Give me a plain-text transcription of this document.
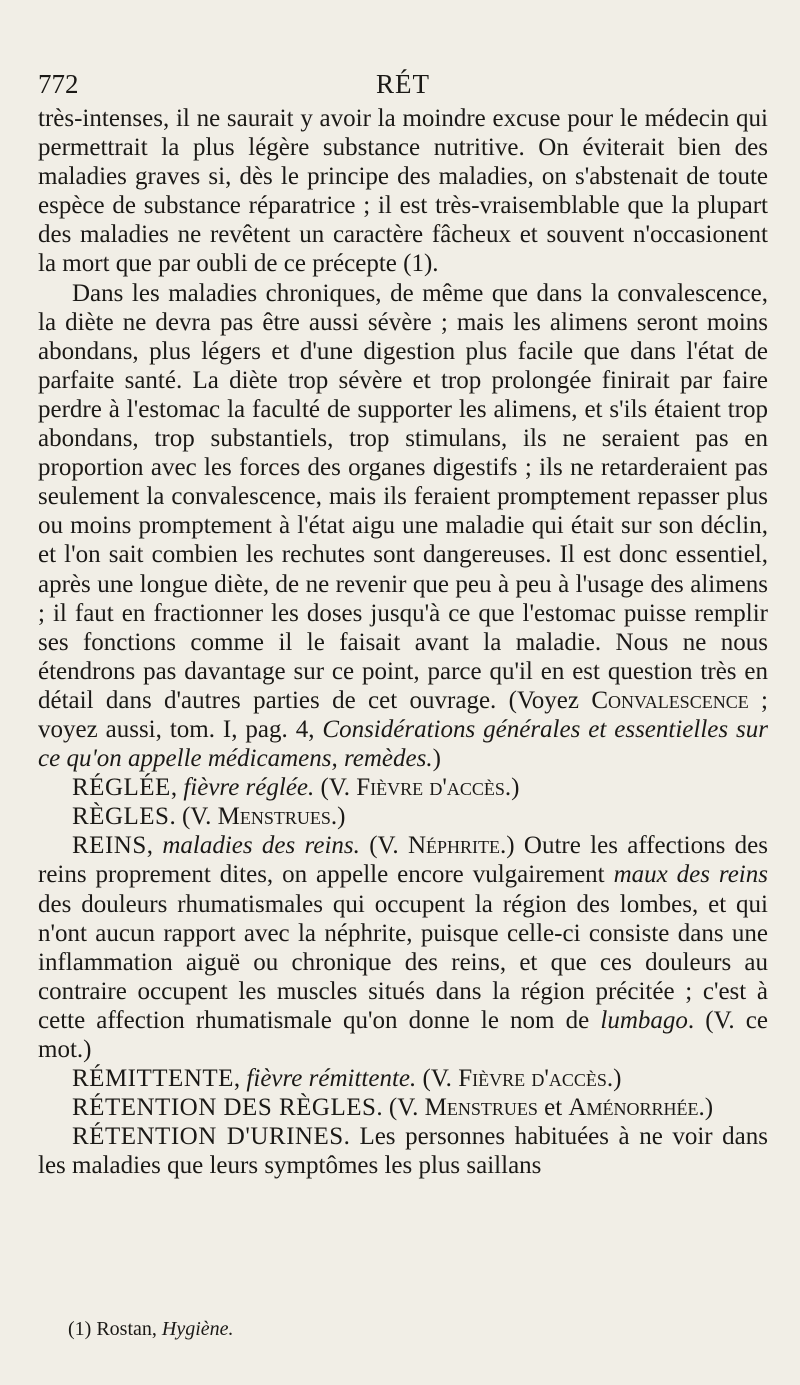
772	RÉT

très-intenses, il ne saurait y avoir la moindre excuse pour le médecin qui permettrait la plus légère substance nutritive. On éviterait bien des maladies graves si, dès le principe des maladies, on s'abstenait de toute espèce de substance réparatrice ; il est très-vraisemblable que la plupart des maladies ne revêtent un caractère fâcheux et souvent n'occasionent la mort que par oubli de ce précepte (1).

Dans les maladies chroniques, de même que dans la convalescence, la diète ne devra pas être aussi sévère ; mais les alimens seront moins abondans, plus légers et d'une digestion plus facile que dans l'état de parfaite santé. La diète trop sévère et trop prolongée finirait par faire perdre à l'estomac la faculté de supporter les alimens, et s'ils étaient trop abondans, trop substantiels, trop stimulans, ils ne seraient pas en proportion avec les forces des organes digestifs ; ils ne retarderaient pas seulement la convalescence, mais ils feraient promptement repasser plus ou moins promptement à l'état aigu une maladie qui était sur son déclin, et l'on sait combien les rechutes sont dangereuses. Il est donc essentiel, après une longue diète, de ne revenir que peu à peu à l'usage des alimens ; il faut en fractionner les doses jusqu'à ce que l'estomac puisse remplir ses fonctions comme il le faisait avant la maladie. Nous ne nous étendrons pas davantage sur ce point, parce qu'il en est question très en détail dans d'autres parties de cet ouvrage. (Voyez Convalescence ; voyez aussi, tom. I, pag. 4, Considérations générales et essentielles sur ce qu'on appelle médicamens, remèdes.)

RÉGLÉE, fièvre réglée. (V. Fièvre d'accès.)

RÈGLES. (V. Menstrues.)

REINS, maladies des reins. (V. Néphrite.) Outre les affections des reins proprement dites, on appelle encore vulgairement maux des reins des douleurs rhumatismales qui occupent la région des lombes, et qui n'ont aucun rapport avec la néphrite, puisque celle-ci consiste dans une inflammation aiguë ou chronique des reins, et que ces douleurs au contraire occupent les muscles situés dans la région précitée ; c'est à cette affection rhumatismale qu'on donne le nom de lumbago. (V. ce mot.)

RÉMITTENTE, fièvre rémittente. (V. Fièvre d'accès.)

RÉTENTION DES RÈGLES. (V. Menstrues et Aménorrhée.)

RÉTENTION D'URINES. Les personnes habituées à ne voir dans les maladies que leurs symptômes les plus saillans

(1) Rostan, Hygiène.
